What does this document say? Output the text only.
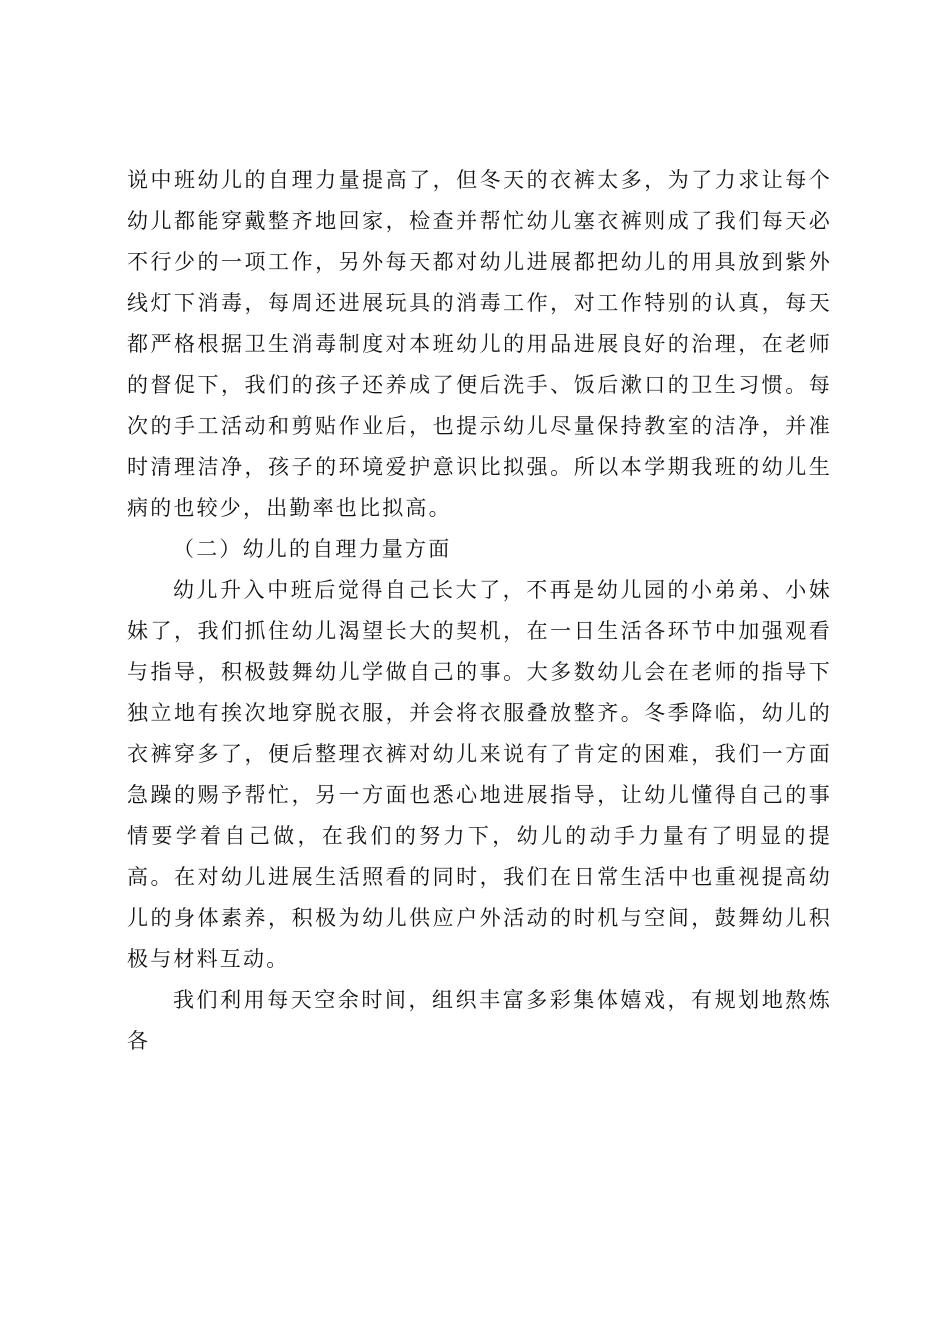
说中班幼儿的自理力量提高了，但冬天的衣裤太多，为了力求让每个幼儿都能穿戴整齐地回家，检查并帮忙幼儿塞衣裤则成了我们每天必不行少的一项工作，另外每天都对幼儿进展都把幼儿的用具放到紫外线灯下消毒，每周还进展玩具的消毒工作，对工作特别的认真，每天都严格根据卫生消毒制度对本班幼儿的用品进展良好的治理，在老师的督促下，我们的孩子还养成了便后洗手、饭后漱口的卫生习惯。每次的手工活动和剪贴作业后，也提示幼儿尽量保持教室的洁净，并准时清理洁净，孩子的环境爱护意识比拟强。所以本学期我班的幼儿生病的也较少，出勤率也比拟高。

（二）幼儿的自理力量方面

幼儿升入中班后觉得自己长大了，不再是幼儿园的小弟弟、小妹妹了，我们抓住幼儿渴望长大的契机，在一日生活各环节中加强观看与指导，积极鼓舞幼儿学做自己的事。大多数幼儿会在老师的指导下独立地有挨次地穿脱衣服，并会将衣服叠放整齐。冬季降临，幼儿的衣裤穿多了，便后整理衣裤对幼儿来说有了肯定的困难，我们一方面急躁的赐予帮忙，另一方面也悉心地进展指导，让幼儿懂得自己的事情要学着自己做，在我们的努力下，幼儿的动手力量有了明显的提高。在对幼儿进展生活照看的同时，我们在日常生活中也重视提高幼儿的身体素养，积极为幼儿供应户外活动的时机与空间，鼓舞幼儿积极与材料互动。

我们利用每天空余时间，组织丰富多彩集体嬉戏，有规划地熬炼各
